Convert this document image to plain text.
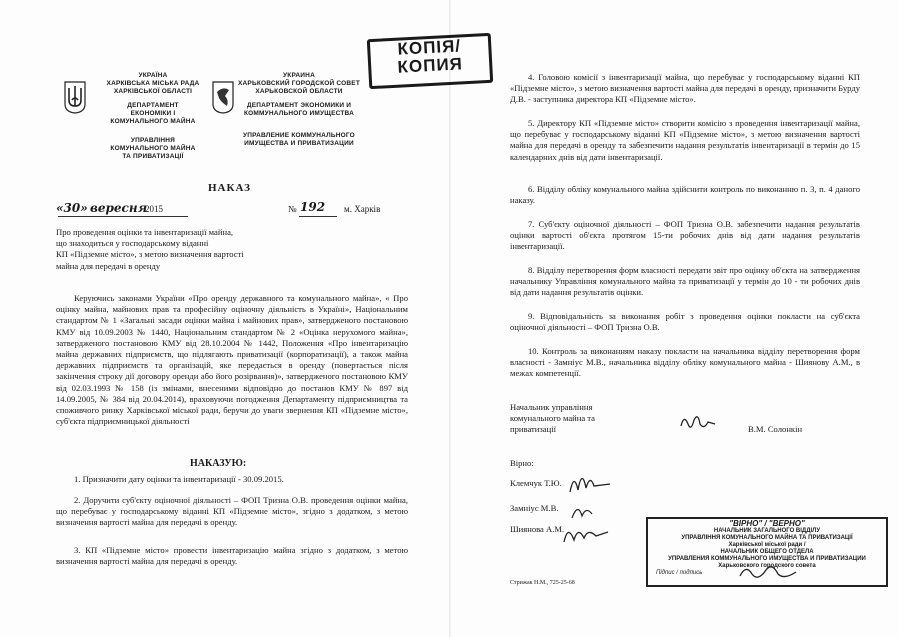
УКРАЇНА
ХАРКІВСЬКА МІСЬКА РАДА
ХАРКІВСЬКОЇ ОБЛАСТІ
ДЕПАРТАМЕНТ
ЕКОНОМІКИ І
КОМУНАЛЬНОГО МАЙНА
УПРАВЛІННЯ
КОМУНАЛЬНОГО МАЙНА
ТА ПРИВАТИЗАЦІЇ
УКРАИНА
ХАРЬКОВСКИЙ ГОРОДСКОЙ СОВЕТ
ХАРЬКОВСКОЙ ОБЛАСТИ
ДЕПАРТАМЕНТ ЭКОНОМИКИ И
КОММУНАЛЬНОГО ИМУЩЕСТВА
УПРАВЛЕНИЕ КОММУНАЛЬНОГО
ИМУЩЕСТВА И ПРИВАТИЗАЦИИ
КОПІЯ/
КОПИЯ
НАКАЗ
«30» вересня
2015	№ 192 м. Харків
Про проведення оцінки та інвентаризації майна,
що знаходиться у господарському віданні
КП «Підземне місто», з метою визначення вартості
майна для передачі в оренду
Керуючись законами України «Про оренду державного та комунального майна», « Про оцінку майна, майнових прав та професійну оціночну діяльність в Україні», Національним стандартом № 1 «Загальні засади оцінки майна і майнових прав», затвердженого постановою КМУ від 10.09.2003 № 1440, Національним стандартом № 2 «Оцінка нерухомого майна», затвердженого постановою КМУ від 28.10.2004 № 1442, Положення «Про інвентаризацію майна державних підприємств, що підлягають приватизації (корпоратизації), а також майна державних підприємств та організацій, яке передається в оренду (повертається після закінчення строку дії договору оренди або його розірвання)», затвердженого постановою КМУ від 02.03.1993 № 158 (із змінами, внесеними відповідно до постанов КМУ № 897 від 14.09.2005, № 384 від 20.04.2014), враховуючи погодження Департаменту підприємництва та споживчого ринку Харківської міської ради, беручи до уваги звернення КП «Підземне місто», суб'єкта підприємницької діяльності
НАКАЗУЮ:
1. Призначити дату оцінки та інвентаризації - 30.09.2015.
2. Доручити суб'єкту оціночної діяльності – ФОП Тризна О.В. проведення оцінки майна, що перебуває у господарському віданні КП «Підземне місто», згідно з додатком, з метою визначення вартості майна для передачі в оренду.
3. КП «Підземне місто» провести інвентаризацію майна згідно з додатком, з метою визначення вартості майна для передачі в оренду.
4. Головою комісії з інвентаризації майна, що перебуває у господарському віданні КП «Підземне місто», з метою визначення вартості майна для передачі в оренду, призначити Бурду Д.В. - заступника директора КП «Підземне місто».
5. Директору КП «Підземне місто» створити комісію з проведення інвентаризації майна, що перебуває у господарському віданні КП «Підземне місто», з метою визначення вартості майна для передачі в оренду та забезпечити надання результатів інвентаризації в термін до 15 календарних днів від дати інвентаризації.
6. Відділу обліку комунального майна здійснити контроль по виконанню п. 3, п. 4 даного наказу.
7. Суб'єкту оціночної діяльності – ФОП Тризна О.В. забезпечити надання результатів оцінки вартості об'єкта протягом 15-ти робочих днів від дати надання результатів інвентаризації.
8. Відділу перетворення форм власності передати звіт про оцінку об'єкта на затвердження начальнику Управління комунального майна та приватизації у термін до 10 - ти робочих днів від дати надання результатів оцінки.
9. Відповідальність за виконання робіт з проведення оцінки покласти на суб'єкта оціночної діяльності – ФОП Тризна О.В.
10. Контроль за виконанням наказу покласти на начальника відділу перетворення форм власності - Замніус М.В., начальника відділу обліку комунального майна - Шиянову А.М., в межах компетенції.
Начальник управління
комунального майна та
приватизації	В.М. Солонкін
Вірно:
Клемчук Т.Ю.
Замніус М.В.
Шиянова А.М.
Стрижак Н.М., 725-25-68
"ВІРНО" / "ВЕРНО"
НАЧАЛЬНИК ЗАГАЛЬНОГО ВІДДІЛУ
УПРАВЛІННЯ КОМУНАЛЬНОГО МАЙНА ТА ПРИВАТИЗАЦІЇ
Харківської міської ради /
НАЧАЛЬНИК ОБЩЕГО ОТДЕЛА
УПРАВЛЕНИЯ КОММУНАЛЬНОГО ИМУЩЕСТВА И ПРИВАТИЗАЦИИ
Харьковского городского совета
Підпис / подпись
